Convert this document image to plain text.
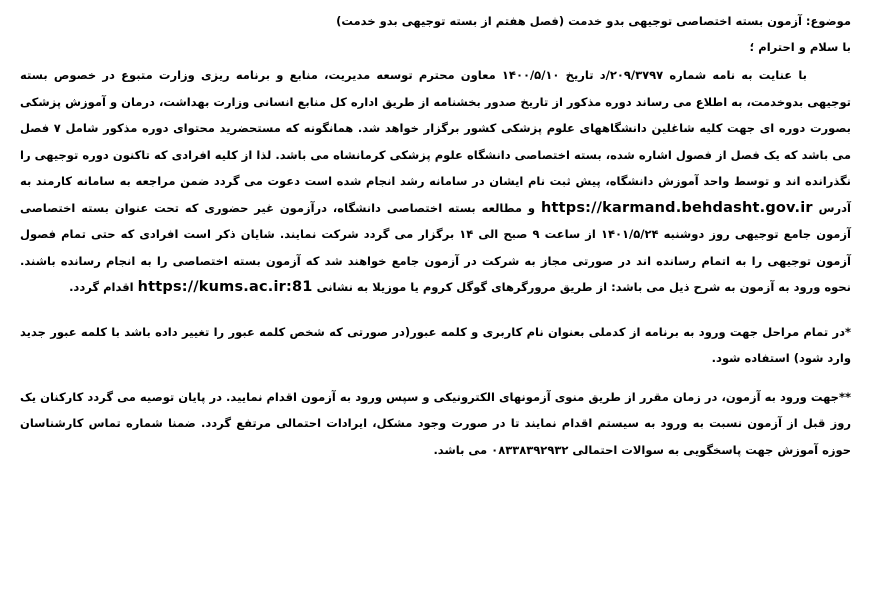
موضوع: آزمون بسته اختصاصی توجیهی بدو خدمت (فصل هفتم از بسته توجیهی بدو خدمت)

با سلام و احترام ؛

با عنایت به نامه شماره ۲۰۹/۳۷۹۷/د تاریخ ۱۴۰۰/۵/۱۰ معاون محترم توسعه مدیریت، منابع و برنامه ریزی وزارت متبوع در خصوص بسته توجیهی بدوخدمت، به اطلاع می رساند دوره مذکور از تاریخ صدور بخشنامه از طریق اداره کل منابع انسانی وزارت بهداشت، درمان و آموزش پزشکی بصورت دوره ای جهت کلیه شاغلین دانشگاههای علوم پزشکی کشور برگزار خواهد شد. همانگونه که مستحضرید محتوای دوره مذکور شامل ۷ فصل می باشد که یک فصل از فصول اشاره شده، بسته اختصاصی دانشگاه علوم پزشکی کرمانشاه می باشد. لذا از کلیه افرادی که تاکنون دوره توجیهی را نگذرانده اند و توسط واحد آموزش دانشگاه، پیش ثبت نام ایشان در سامانه رشد انجام شده است دعوت می گردد ضمن مراجعه به سامانه کارمند به آدرس https://karmand.behdasht.gov.ir و مطالعه بسته اختصاصی دانشگاه، درآزمون غیر حضوری که تحت عنوان بسته اختصاصی آزمون جامع توجیهی روز دوشنبه ۱۴۰۱/۵/۲۴ از ساعت ۹ صبح الی ۱۴ برگزار می گردد شرکت نمایند. شایان ذکر است افرادی که حتی تمام فصول آزمون توجیهی را به اتمام رسانده اند در صورتی مجاز به شرکت در آزمون جامع خواهند شد که آزمون بسته اختصاصی را به انجام رسانده باشند. نحوه ورود به آزمون به شرح ذیل می باشد: از طریق مرورگرهای گوگل کروم یا موزیلا به نشانی https://kums.ac.ir:81 اقدام گردد.

*در تمام مراحل جهت ورود به برنامه از کدملی بعنوان نام کاربری و کلمه عبور(در صورتی که شخص کلمه عبور را تغییر داده باشد با کلمه عبور جدید وارد شود) استفاده شود.

**جهت ورود به آزمون، در زمان مقرر از طریق منوی آزمونهای الکترونیکی و سپس ورود به آزمون اقدام نمایید. در پایان توصیه می گردد کارکنان یک روز قبل از آزمون نسبت به ورود به سیستم اقدام نمایند تا در صورت وجود مشکل، ایرادات احتمالی مرتفع گردد. ضمنا شماره تماس کارشناسان حوزه آموزش جهت پاسخگویی به سوالات احتمالی ۰۸۳۳۸۳۹۲۹۳۲ می باشد.
